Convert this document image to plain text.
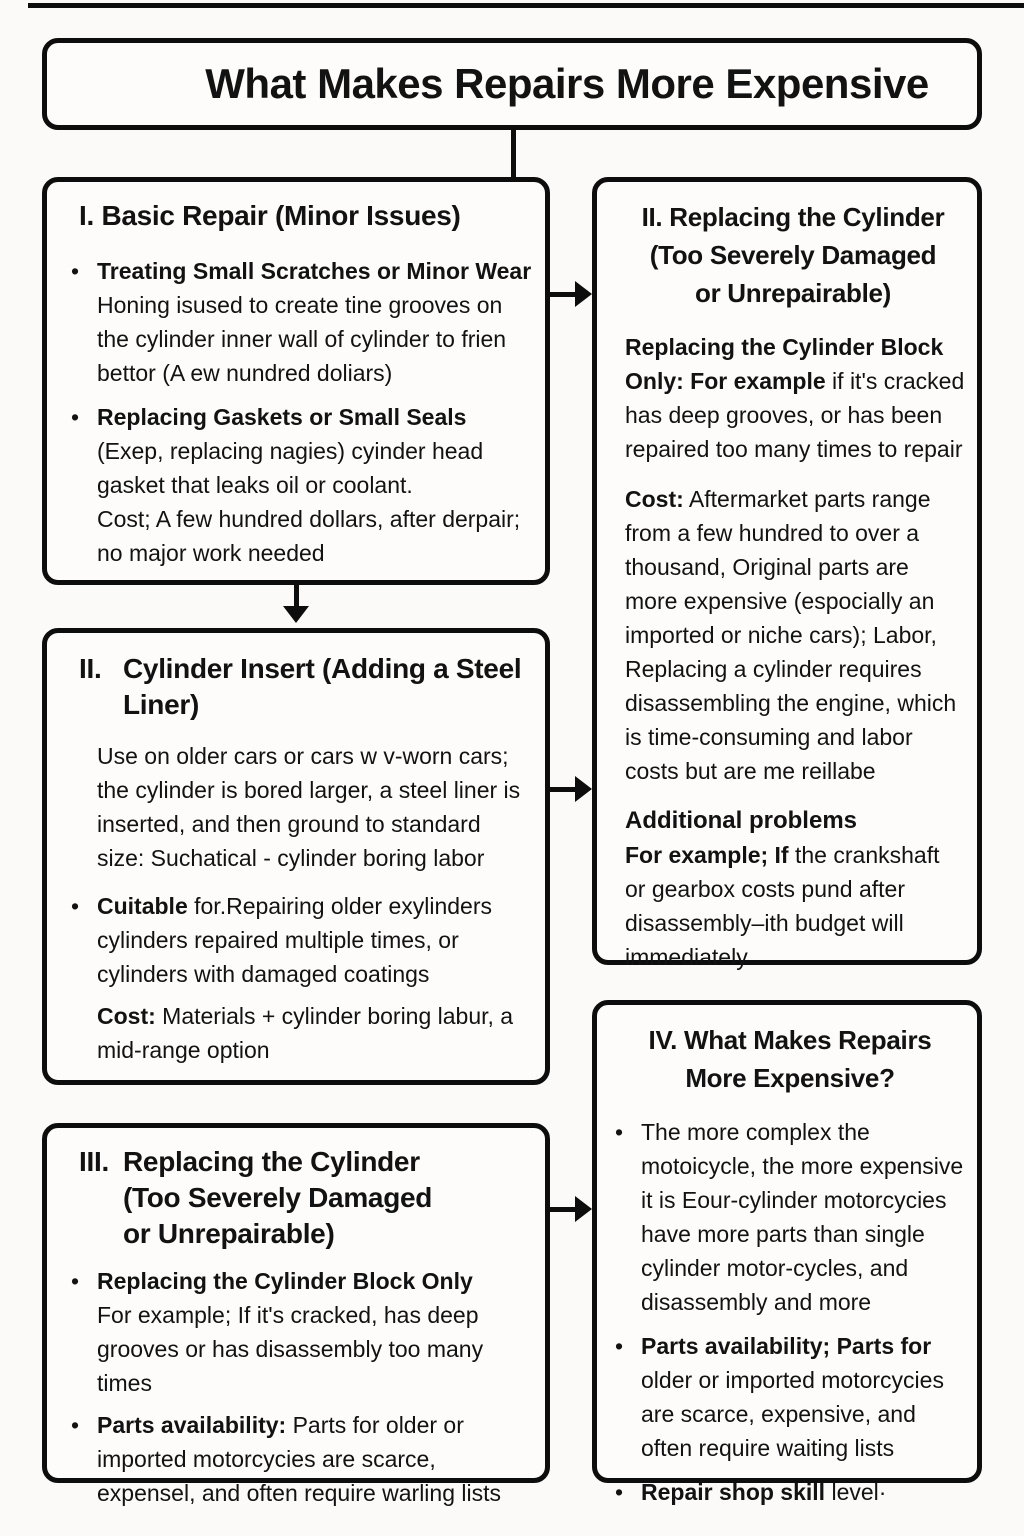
What Makes Repairs More Expensive
I. Basic Repair (Minor Issues)
• Treating Small Scratches or Minor Wear
Honing isused to create tine grooves on the cylinder inner wall of cylinder to frien bettor (A ew nundred doliars)
• Replacing Gaskets or Small Seals
(Exep, replacing nagies) cyinder head gasket that leaks oil or coolant.
Cost; A few hundred dollars, after derpair; no major work needed
II. Replacing the Cylinder
(Too Severely Damaged
or Unrepairable)

Replacing the Cylinder Block Only: For example if it's cracked has deep grooves, or has been repaired too many times to repair

Cost: Aftermarket parts range from a few hundred to over a thousand, Original parts are more expensive (espocially an imported or niche cars); Labor, Replacing a cylinder requires disassembling the engine, which is time-consuming and labor costs but are me reillabe

Additional problems

For example; If the crankshaft or gearbox costs pund after disassembly–ith budget will immediately

II. Cylinder Insert (Adding a Steel Liner)
Use on older cars or cars w v-worn cars; the cylinder is bored larger, a steel liner is inserted, and then ground to standard size: Suchatical - cylinder boring labor
• Cuitable for.Repairing older exylinders cylinders repaired multiple times, or cylinders with damaged coatings
Cost: Materials + cylinder boring labur, a mid-range option
III. Replacing the Cylinder
(Too Severely Damaged
or Unrepairable)
• Replacing the Cylinder Block Only
For example; If it's cracked, has deep grooves or has disassembly too many times
• Parts availability: Parts for older or imported motorcycies are scarce, expensel, and often require warling lists
IV. What Makes Repairs
More Expensive?
• The more complex the motoicycle, the more expensive it is Eour-cylinder motorcycies have more parts than single cylinder motor-cycles, and disassembly and more
• Parts availability; Parts for older or imported motorcycies are scarce, expensive, and often require waiting lists
• Repair shop skill level·
